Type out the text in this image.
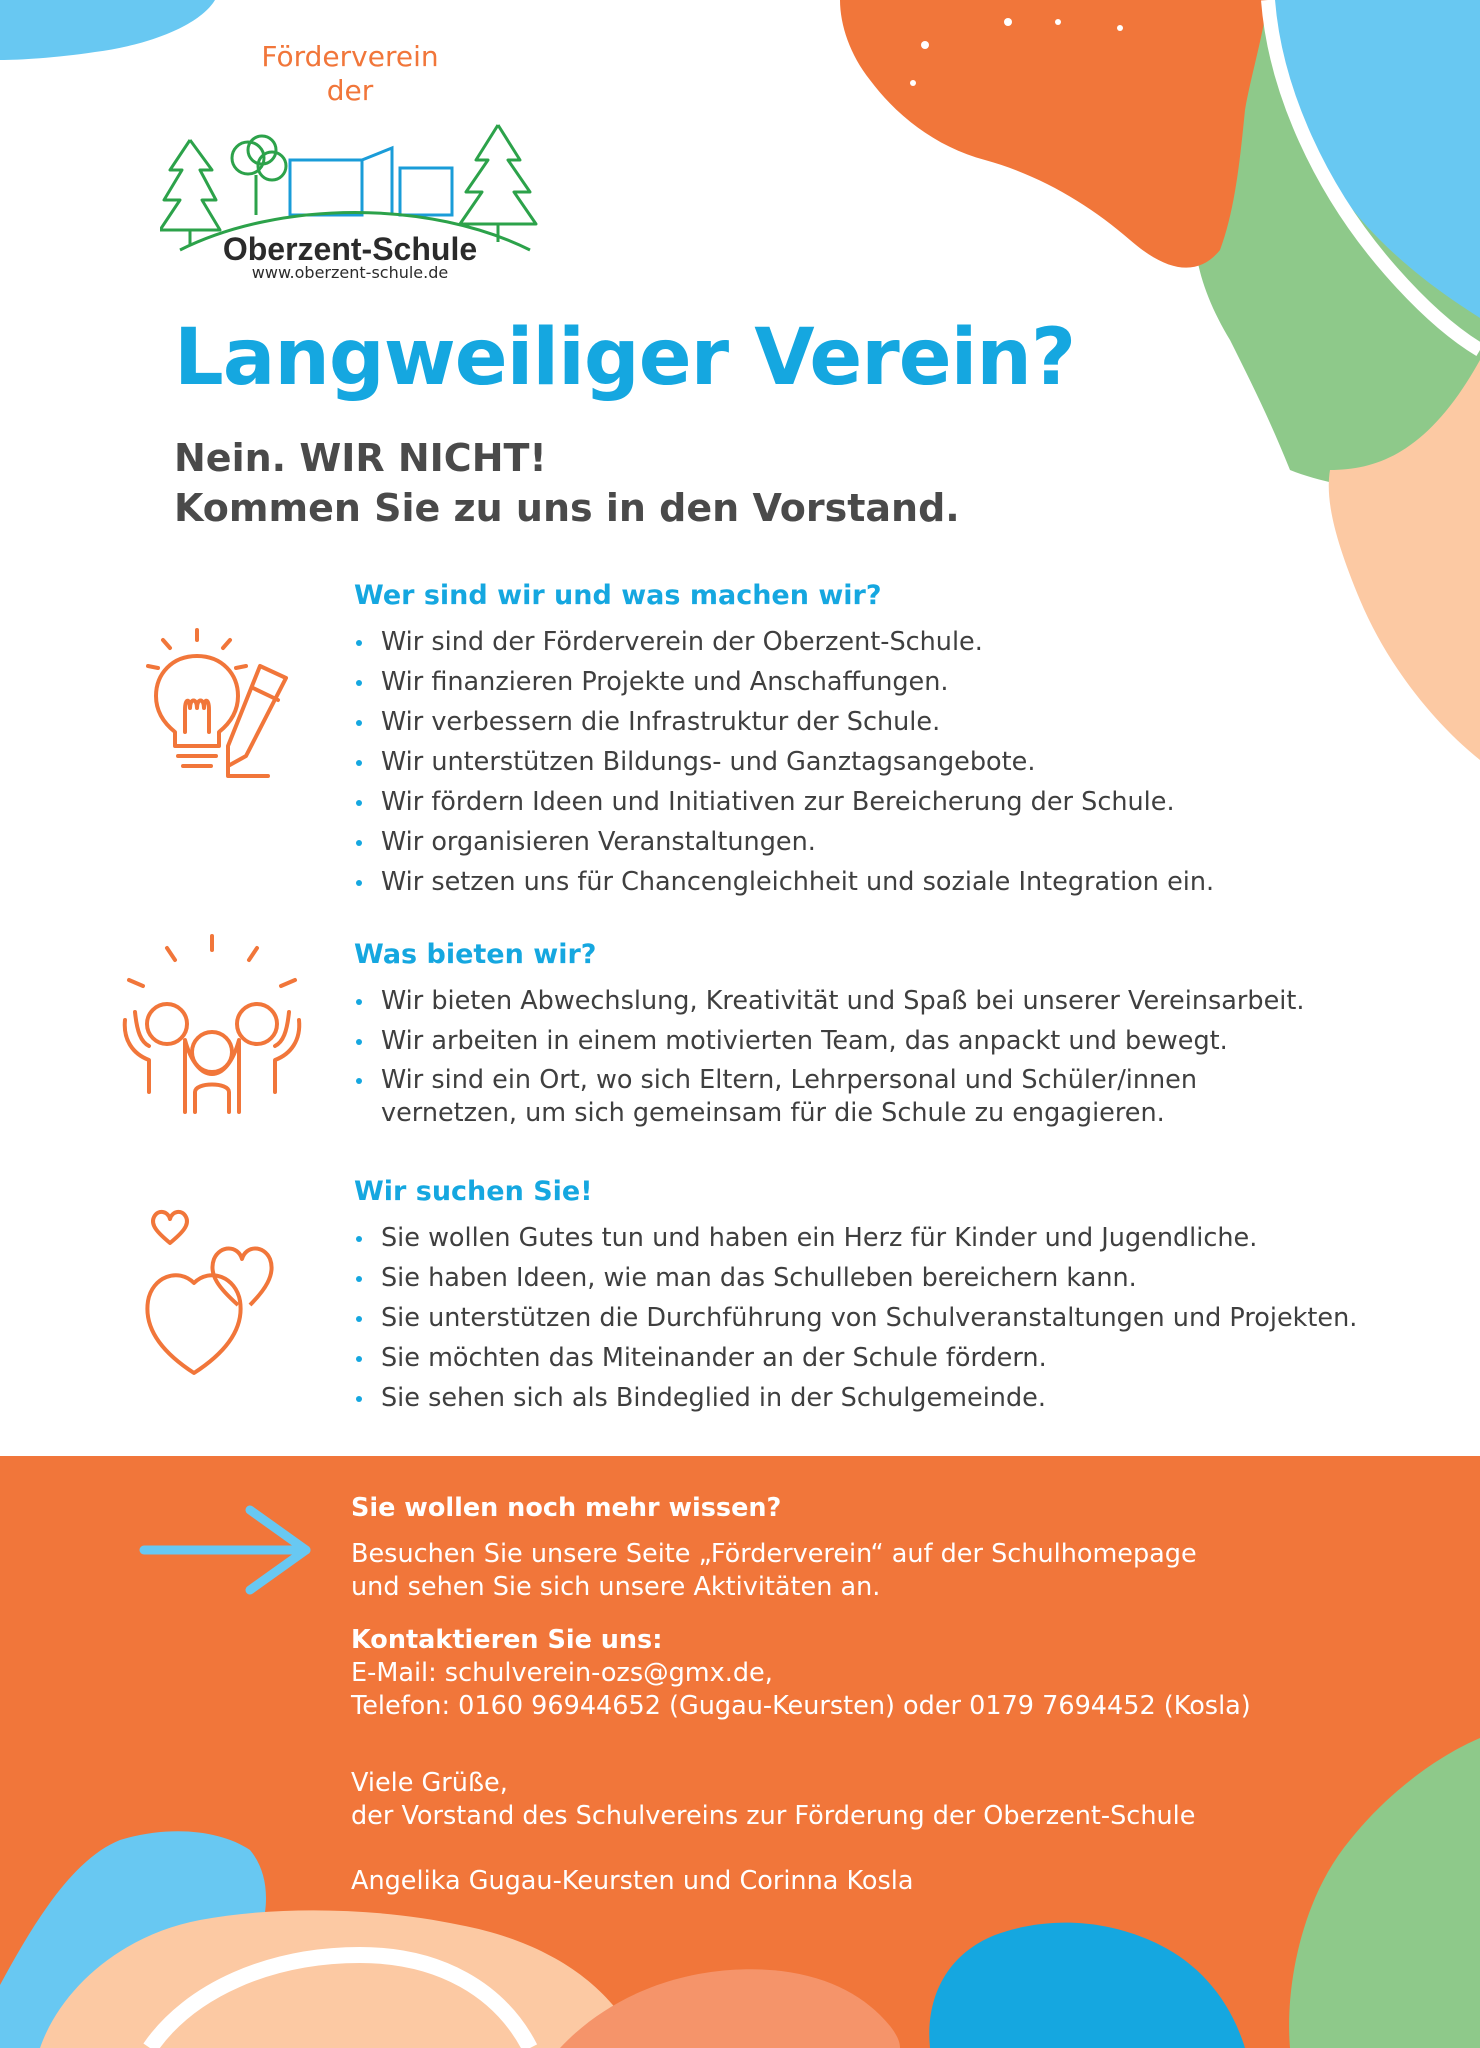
Förderverein
der
Oberzent-Schule
www.oberzent-schule.de
Langweiliger Verein?
Nein. WIR NICHT!
Kommen Sie zu uns in den Vorstand.
Wer sind wir und was machen wir?
Wir sind der Förderverein der Oberzent-Schule.
Wir finanzieren Projekte und Anschaffungen.
Wir verbessern die Infrastruktur der Schule.
Wir unterstützen Bildungs- und Ganztagsangebote.
Wir fördern Ideen und Initiativen zur Bereicherung der Schule.
Wir organisieren Veranstaltungen.
Wir setzen uns für Chancengleichheit und soziale Integration ein.
Was bieten wir?
Wir bieten Abwechslung, Kreativität und Spaß bei unserer Vereinsarbeit.
Wir arbeiten in einem motivierten Team, das anpackt und bewegt.
Wir sind ein Ort, wo sich Eltern, Lehrpersonal und Schüler/innen vernetzen, um sich gemeinsam für die Schule zu engagieren.
Wir suchen Sie!
Sie wollen Gutes tun und haben ein Herz für Kinder und Jugendliche.
Sie haben Ideen, wie man das Schulleben bereichern kann.
Sie unterstützen die Durchführung von Schulveranstaltungen und Projekten.
Sie möchten das Miteinander an der Schule fördern.
Sie sehen sich als Bindeglied in der Schulgemeinde.
Sie wollen noch mehr wissen?
Besuchen Sie unsere Seite „Förderverein“ auf der Schulhomepage
und sehen Sie sich unsere Aktivitäten an.
Kontaktieren Sie uns:
E-Mail: schulverein-ozs@gmx.de,
Telefon: 0160 96944652 (Gugau-Keursten) oder 0179 7694452 (Kosla)
Viele Grüße,
der Vorstand des Schulvereins zur Förderung der Oberzent-Schule
Angelika Gugau-Keursten und Corinna Kosla
